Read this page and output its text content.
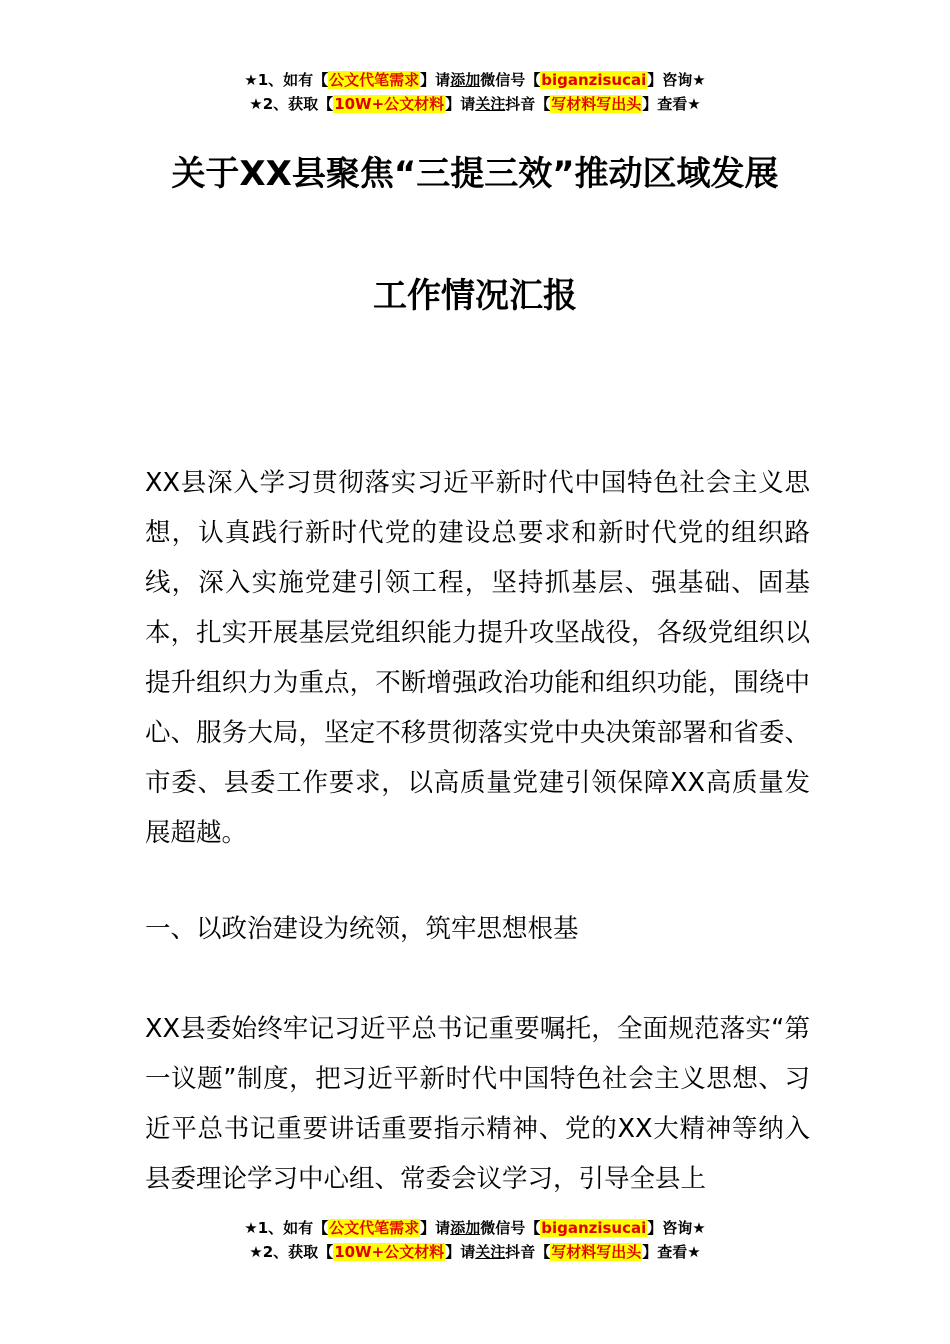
★1、如有【公文代笔需求】请添加微信号【biganzisucai】咨询★
★2、获取【10W+公文材料】请关注抖音【写材料写出头】查看★
关于XX县聚焦“三提三效”推动区域发展
工作情况汇报
XX县深入学习贯彻落实习近平新时代中国特色社会主义思想，认真践行新时代党的建设总要求和新时代党的组织路线，深入实施党建引领工程，坚持抓基层、强基础、固基本，扎实开展基层党组织能力提升攻坚战役，各级党组织以提升组织力为重点，不断增强政治功能和组织功能，围绕中心、服务大局，坚定不移贯彻落实党中央决策部署和省委、市委、县委工作要求，以高质量党建引领保障XX高质量发展超越。
一、以政治建设为统领，筑牢思想根基
XX县委始终牢记习近平总书记重要嘱托，全面规范落实“第一议题”制度，把习近平新时代中国特色社会主义思想、习近平总书记重要讲话重要指示精神、党的XX大精神等纳入县委理论学习中心组、常委会议学习，引导全县上
★1、如有【公文代笔需求】请添加微信号【biganzisucai】咨询★
★2、获取【10W+公文材料】请关注抖音【写材料写出头】查看★
